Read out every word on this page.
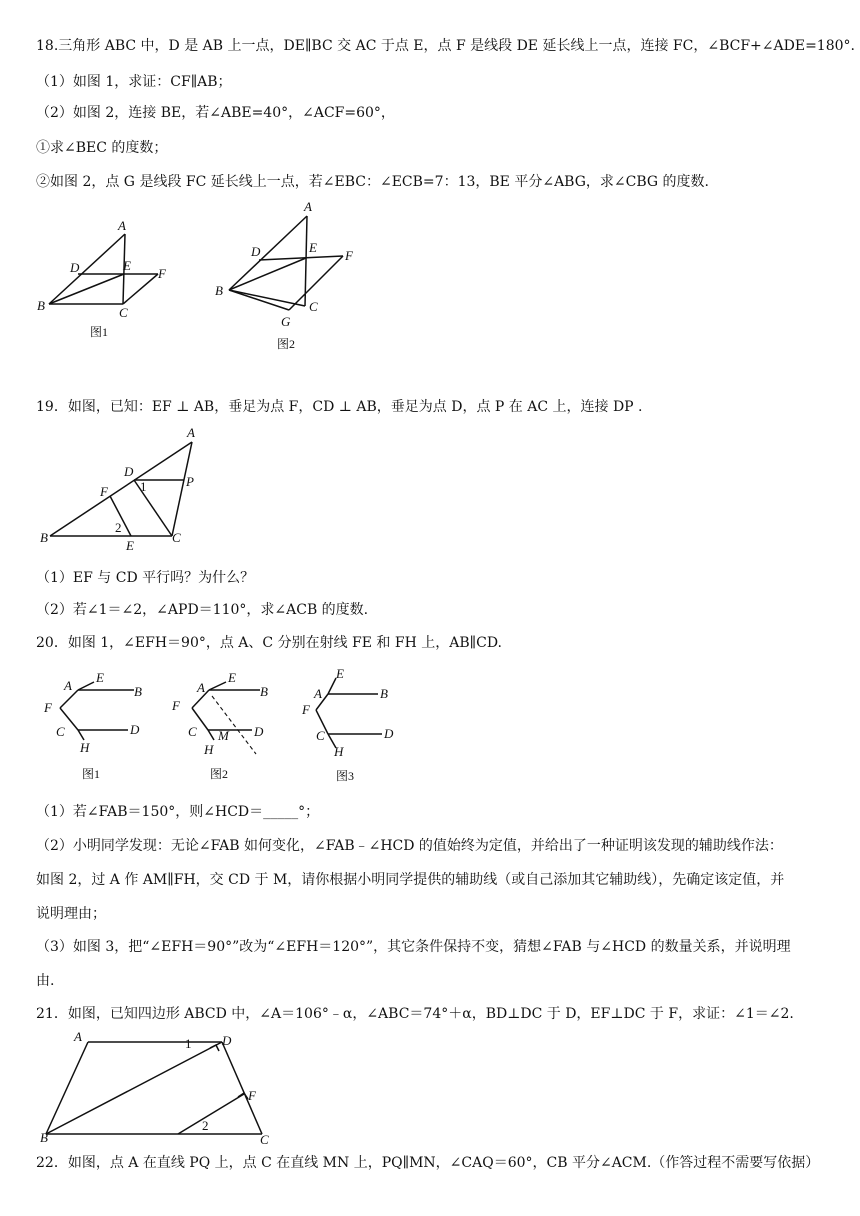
18.三角形 ABC 中，D 是 AB 上一点，DE∥BC 交 AC 于点 E，点 F 是线段 DE 延长线上一点，连接 FC，∠BCF+∠ADE=180°.
（1）如图 1，求证：CF∥AB；
（2）如图 2，连接 BE，若∠ABE=40°，∠ACF=60°，
①求∠BEC 的度数；
②如图 2，点 G 是线段 FC 延长线上一点，若∠EBC：∠ECB=7：13，BE 平分∠ABG，求∠CBG 的度数.
A
D	E
F
B	C
图1
A
D	E
F
B
C
G
图2
19．如图，已知：EF ⊥ AB，垂足为点 F，CD ⊥ AB，垂足为点 D，点 P 在 AC 上，连接 DP .
A
D
1	P
F
2
B
E
C
（1）EF 与 CD 平行吗？为什么？
（2）若∠1＝∠2，∠APD＝110°，求∠ACB 的度数.
20．如图 1，∠EFH＝90°，点 A、C 分别在射线 FE 和 FH 上，AB∥CD.
A
E
B
F
C	D
H
图1
A
E
B
F
C M D
H
图2
A
E
B
F
C	D
H
图3
（1）若∠FAB＝150°，则∠HCD＝_____°；
（2）小明同学发现：无论∠FAB 如何变化，∠FAB﹣∠HCD 的值始终为定值，并给出了一种证明该发现的辅助线作法：
如图 2，过 A 作 AM∥FH，交 CD 于 M，请你根据小明同学提供的辅助线（或自己添加其它辅助线），先确定该定值，并
说明理由；
（3）如图 3，把“∠EFH＝90°”改为“∠EFH＝120°”，其它条件保持不变，猜想∠FAB 与∠HCD 的数量关系，并说明理
由.
21．如图，已知四边形 ABCD 中，∠A＝106°﹣α，∠ABC＝74°＋α，BD⊥DC 于 D，EF⊥DC 于 F，求证：∠1＝∠2.
A	D
1
F
2
B	C
22．如图，点 A 在直线 PQ 上，点 C 在直线 MN 上，PQ∥MN，∠CAQ＝60°，CB 平分∠ACM.（作答过程不需要写依据）
